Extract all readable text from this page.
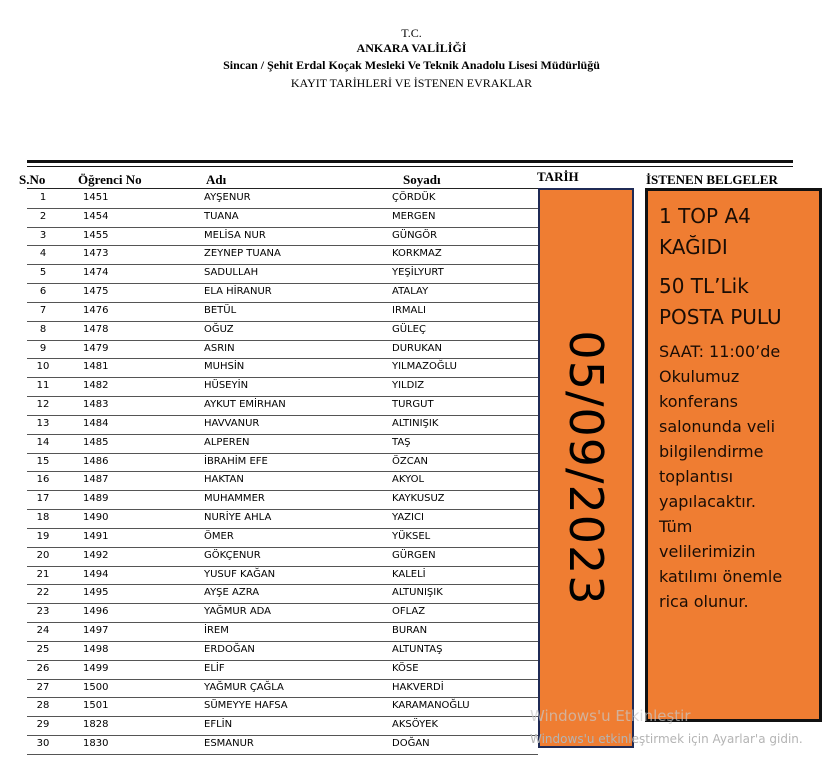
T.C.
ANKARA VALİLİĞİ
Sincan / Şehit Erdal Koçak Mesleki Ve Teknik Anadolu Lisesi Müdürlüğü
KAYIT TARİHLERİ VE İSTENEN EVRAKLAR
S.No	Öğrenci No	Adı	Soyadı	TARİH	İSTENEN BELGELER
1	1451	AYŞENUR	ÇÖRDÜK
2	1454	TUANA	MERGEN
3	1455	MELİSA NUR	GÜNGÖR
4	1473	ZEYNEP TUANA	KORKMAZ
5	1474	SADULLAH	YEŞİLYURT
6	1475	ELA HİRANUR	ATALAY
7	1476	BETÜL	IRMALI
8	1478	OĞUZ	GÜLEÇ
9	1479	ASRIN	DURUKAN
10	1481	MUHSİN	YILMAZOĞLU
11	1482	HÜSEYİN	YILDIZ
12	1483	AYKUT EMİRHAN	TURGUT
13	1484	HAVVANUR	ALTINIŞIK
14	1485	ALPEREN	TAŞ
15	1486	İBRAHİM EFE	ÖZCAN
16	1487	HAKTAN	AKYOL
17	1489	MUHAMMER	KAYKUSUZ
18	1490	NURİYE AHLA	YAZICI
19	1491	ÖMER	YÜKSEL
20	1492	GÖKÇENUR	GÜRGEN
21	1494	YUSUF KAĞAN	KALELİ
22	1495	AYŞE AZRA	ALTUNIŞIK
23	1496	YAĞMUR ADA	OFLAZ
24	1497	İREM	BURAN
25	1498	ERDOĞAN	ALTUNTAŞ
26	1499	ELİF	KÖSE
27	1500	YAĞMUR ÇAĞLA	HAKVERDİ
28	1501	SÜMEYYE HAFSA	KARAMANOĞLU
29	1828	EFLİN	AKSÖYEK
30	1830	ESMANUR	DOĞAN
05/09/2023
1 TOP A4
KAĞIDI
50 TL’Lik
POSTA PULU
SAAT: 11:00’de
Okulumuz
konferans
salonunda veli
bilgilendirme
toplantısı
yapılacaktır.
Tüm
velilerimizin
katılımı önemle
rica olunur.
Windows'u Etkinleştir
Windows'u etkinleştirmek için Ayarlar'a gidin.
